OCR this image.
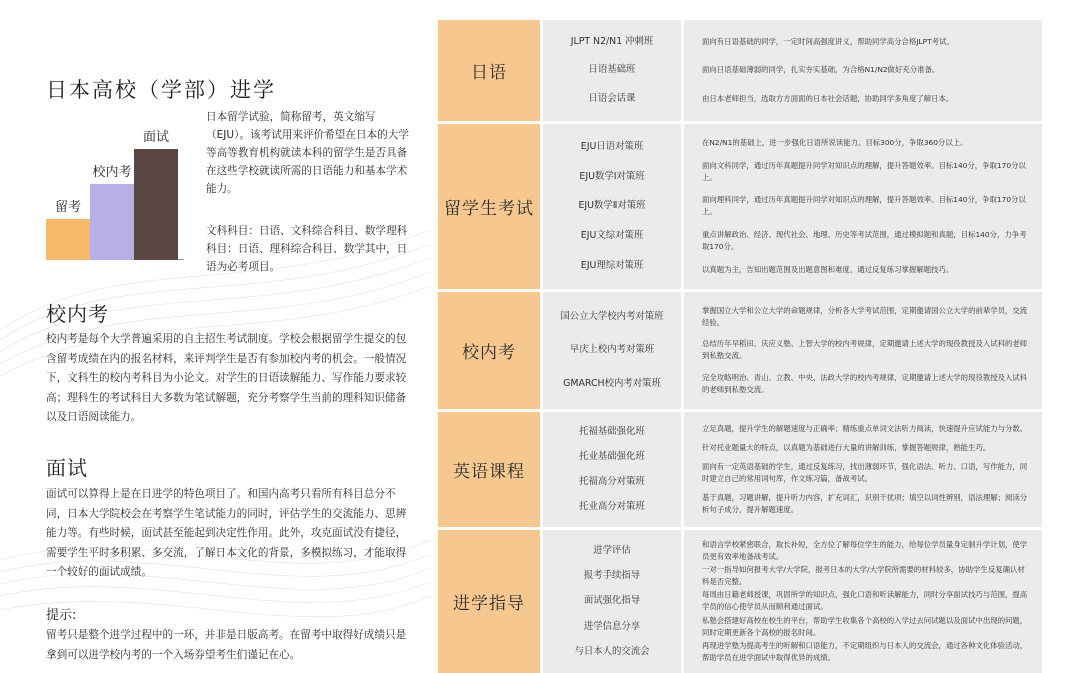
日本高校（学部）进学
留考
校内考
面试
日本留学试验，简称留考，英文缩写（EJU）。该考试用来评价希望在日本的大学等高等教育机构就读本科的留学生是否具备在这些学校就读所需的日语能力和基本学术能力。
文科科目：日语、文科综合科目、数学理科科目：日语、理科综合科目、数学其中，日语为必考项目。
校内考
校内考是每个大学普遍采用的自主招生考试制度。学校会根据留学生提交的包含留考成绩在内的报名材料，来评判学生是否有参加校内考的机会。一般情况下，文科生的校内考科目为小论文。对学生的日语读解能力、写作能力要求较高；理科生的考试科目大多数为笔试解题，充分考察学生当前的理科知识储备以及日语阅读能力。
面试
面试可以算得上是在日进学的特色项目了。和国内高考只看所有科目总分不同，日本大学院校会在考察学生笔试能力的同时，评估学生的交流能力、思辨能力等。有些时候，面试甚至能起到决定性作用。此外，攻克面试没有捷径，需要学生平时多积累、多交流，了解日本文化的背景，多模拟练习，才能取得一个较好的面试成绩。
提示:
留考只是整个进学过程中的一环，并非是日版高考。在留考中取得好成绩只是拿到可以进学校内考的一个入场券望考生们谨记在心。
日语
JLPT N2/N1 冲刺班
日语基础班
日语会话课
面向有日语基础的同学，一定时间高强度讲义，帮助同学高分合格JLPT考试。
面向日语基础薄弱的同学，扎实夯实基础，为合格N1/N2做好充分准备。
由日本老师担当，选取方方面面的日本社会话题，协助同学多角度了解日本。
留学生考试
EJU日语对策班
EJU数学Ⅰ对策班
EJU数学Ⅱ对策班
EJU文综对策班
EJU理综对策班
在N2/N1的基础上，进一步强化日语所说读能力。目标300分，争取360分以上。
面向文科同学，通过历年真题提升同学对知识点的理解，提升答题效率。目标140分，争取170分以上。
面向理科同学，通过历年真题提升同学对知识点的理解，提升答题效率。目标140分，争取170分以上。
重点讲解政治、经济、现代社会、地理、历史等考试范围，通过模拟题和真题，目标140分，力争考取170分。
以真题为主，告知出题范围及出题意图和难度，通过反复练习掌握解题技巧。
校内考
国公立大学校内考对策班
早庆上校内考对策班
GMARCH校内考对策班
掌握国立大学和公立大学的命题规律，分析各大学考试范围，定期邀请国公立大学的前辈学员，交流经验。
总结历年早稻田、庆应义塾、上智大学的校内考规律，定期邀请上述大学的现役教授及入试科的老师到私塾交流。
完全攻略明治、青山、立教、中央、法政大学的校内考规律，定期邀请上述大学的现役教授及入试科的老师到私塾交流。
英语课程
托福基础强化班
托业基础强化班
托福高分对策班
托业高分对策班
立足真题，提升学生的解题速度与正确率；精练重点单词文法听力阅读，快速提升应试能力与分数。
针对托业题量大的特点，以真题为基础进行大量的讲解训练，掌握答题规律，熟能生巧。
面向有一定英语基础的学生，通过反复练习，找出薄弱环节，强化语法、听力、口语，写作能力，同时建立自己的常用词句库，作文练习篇，备战考试。
基于真题，习题讲解，提升听力内容，扩充词汇，识别干扰项；填空以词性辨别，语法理解；阅读分析句子成分，提升解题速度。
进学指导
进学评估
报考手续指导
面试强化指导
进学信息分享
与日本人的交流会
和语言学校紧密联合，取长补短，全方位了解每位学生的能力，给每位学员量身定制升学计划，使学员更有效率地备战考试。
一对一指导如何报考大学/大学院，报考日本的大学/大学院所需要的材料较多，协助学生反复确认材料是否完整。
每周由日籍老师授课，巩固所学的知识点，强化口语和听读解能力，同时分享面试技巧与范围，提高学员的信心使学员从而顺利通过面试。
私塾会搭建好高校在校生的平台，帮助学生收集各个高校的入学过去问试题以及面试中出现的问题，同时定期更新各个高校的报名时间。
再现进学塾为提高考生的听解和口语能力，不定期组织与日本人的交流会，通过各种文化体验活动，帮助学员在进学面试中取得优异的成绩。
